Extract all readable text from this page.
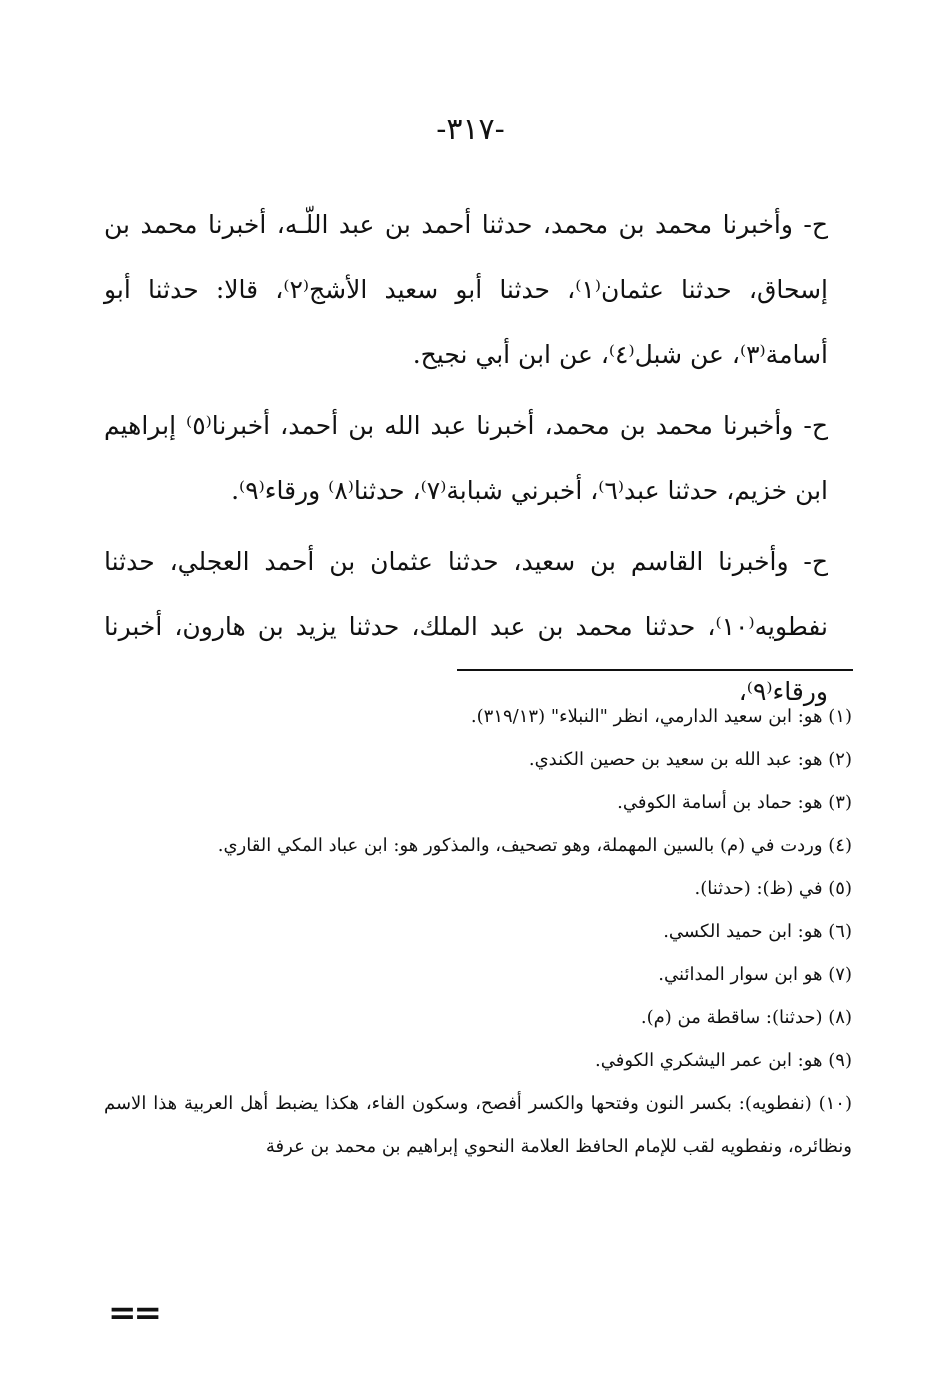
-٣١٧-

ح- وأخبرنا محمد بن محمد، حدثنا أحمد بن عبد اللّـه، أخبرنا محمد بن إسحاق، حدثنا عثمان⁽١⁾، حدثنا أبو سعيد الأشج⁽٢⁾، قالا: حدثنا أبو أسامة⁽٣⁾، عن شبل⁽٤⁾، عن ابن أبي نجيح.

ح- وأخبرنا محمد بن محمد، أخبرنا عبد الله بن أحمد، أخبرنا⁽٥⁾ إبراهيم ابن خزيم، حدثنا عبد⁽٦⁾، أخبرني شبابة⁽٧⁾، حدثنا⁽٨⁾ ورقاء⁽٩⁾.

ح- وأخبرنا القاسم بن سعيد، حدثنا عثمان بن أحمد العجلي، حدثنا نفطويه⁽١٠⁾، حدثنا محمد بن عبد الملك، حدثنا يزيد بن هارون، أخبرنا ورقاء⁽٩⁾،

(١) هو: ابن سعيد الدارمي، انظر "النبلاء" (٣١٩/١٣).

(٢) هو: عبد الله بن سعيد بن حصين الكندي.

(٣) هو: حماد بن أسامة الكوفي.

(٤) وردت في (م) بالسين المهملة، وهو تصحيف، والمذكور هو: ابن عباد المكي القاري.

(٥) في (ظ): (حدثنا).

(٦) هو: ابن حميد الكسي.

(٧) هو ابن سوار المدائني.

(٨) (حدثنا): ساقطة من (م).

(٩) هو: ابن عمر اليشكري الكوفي.

(١٠) (نفطويه): بكسر النون وفتحها والكسر أفصح، وسكون الفاء، هكذا يضبط أهل العربية هذا الاسم ونظائره، ونفطويه لقب للإمام الحافظ العلامة النحوي إبراهيم بن محمد بن عرفة

==
